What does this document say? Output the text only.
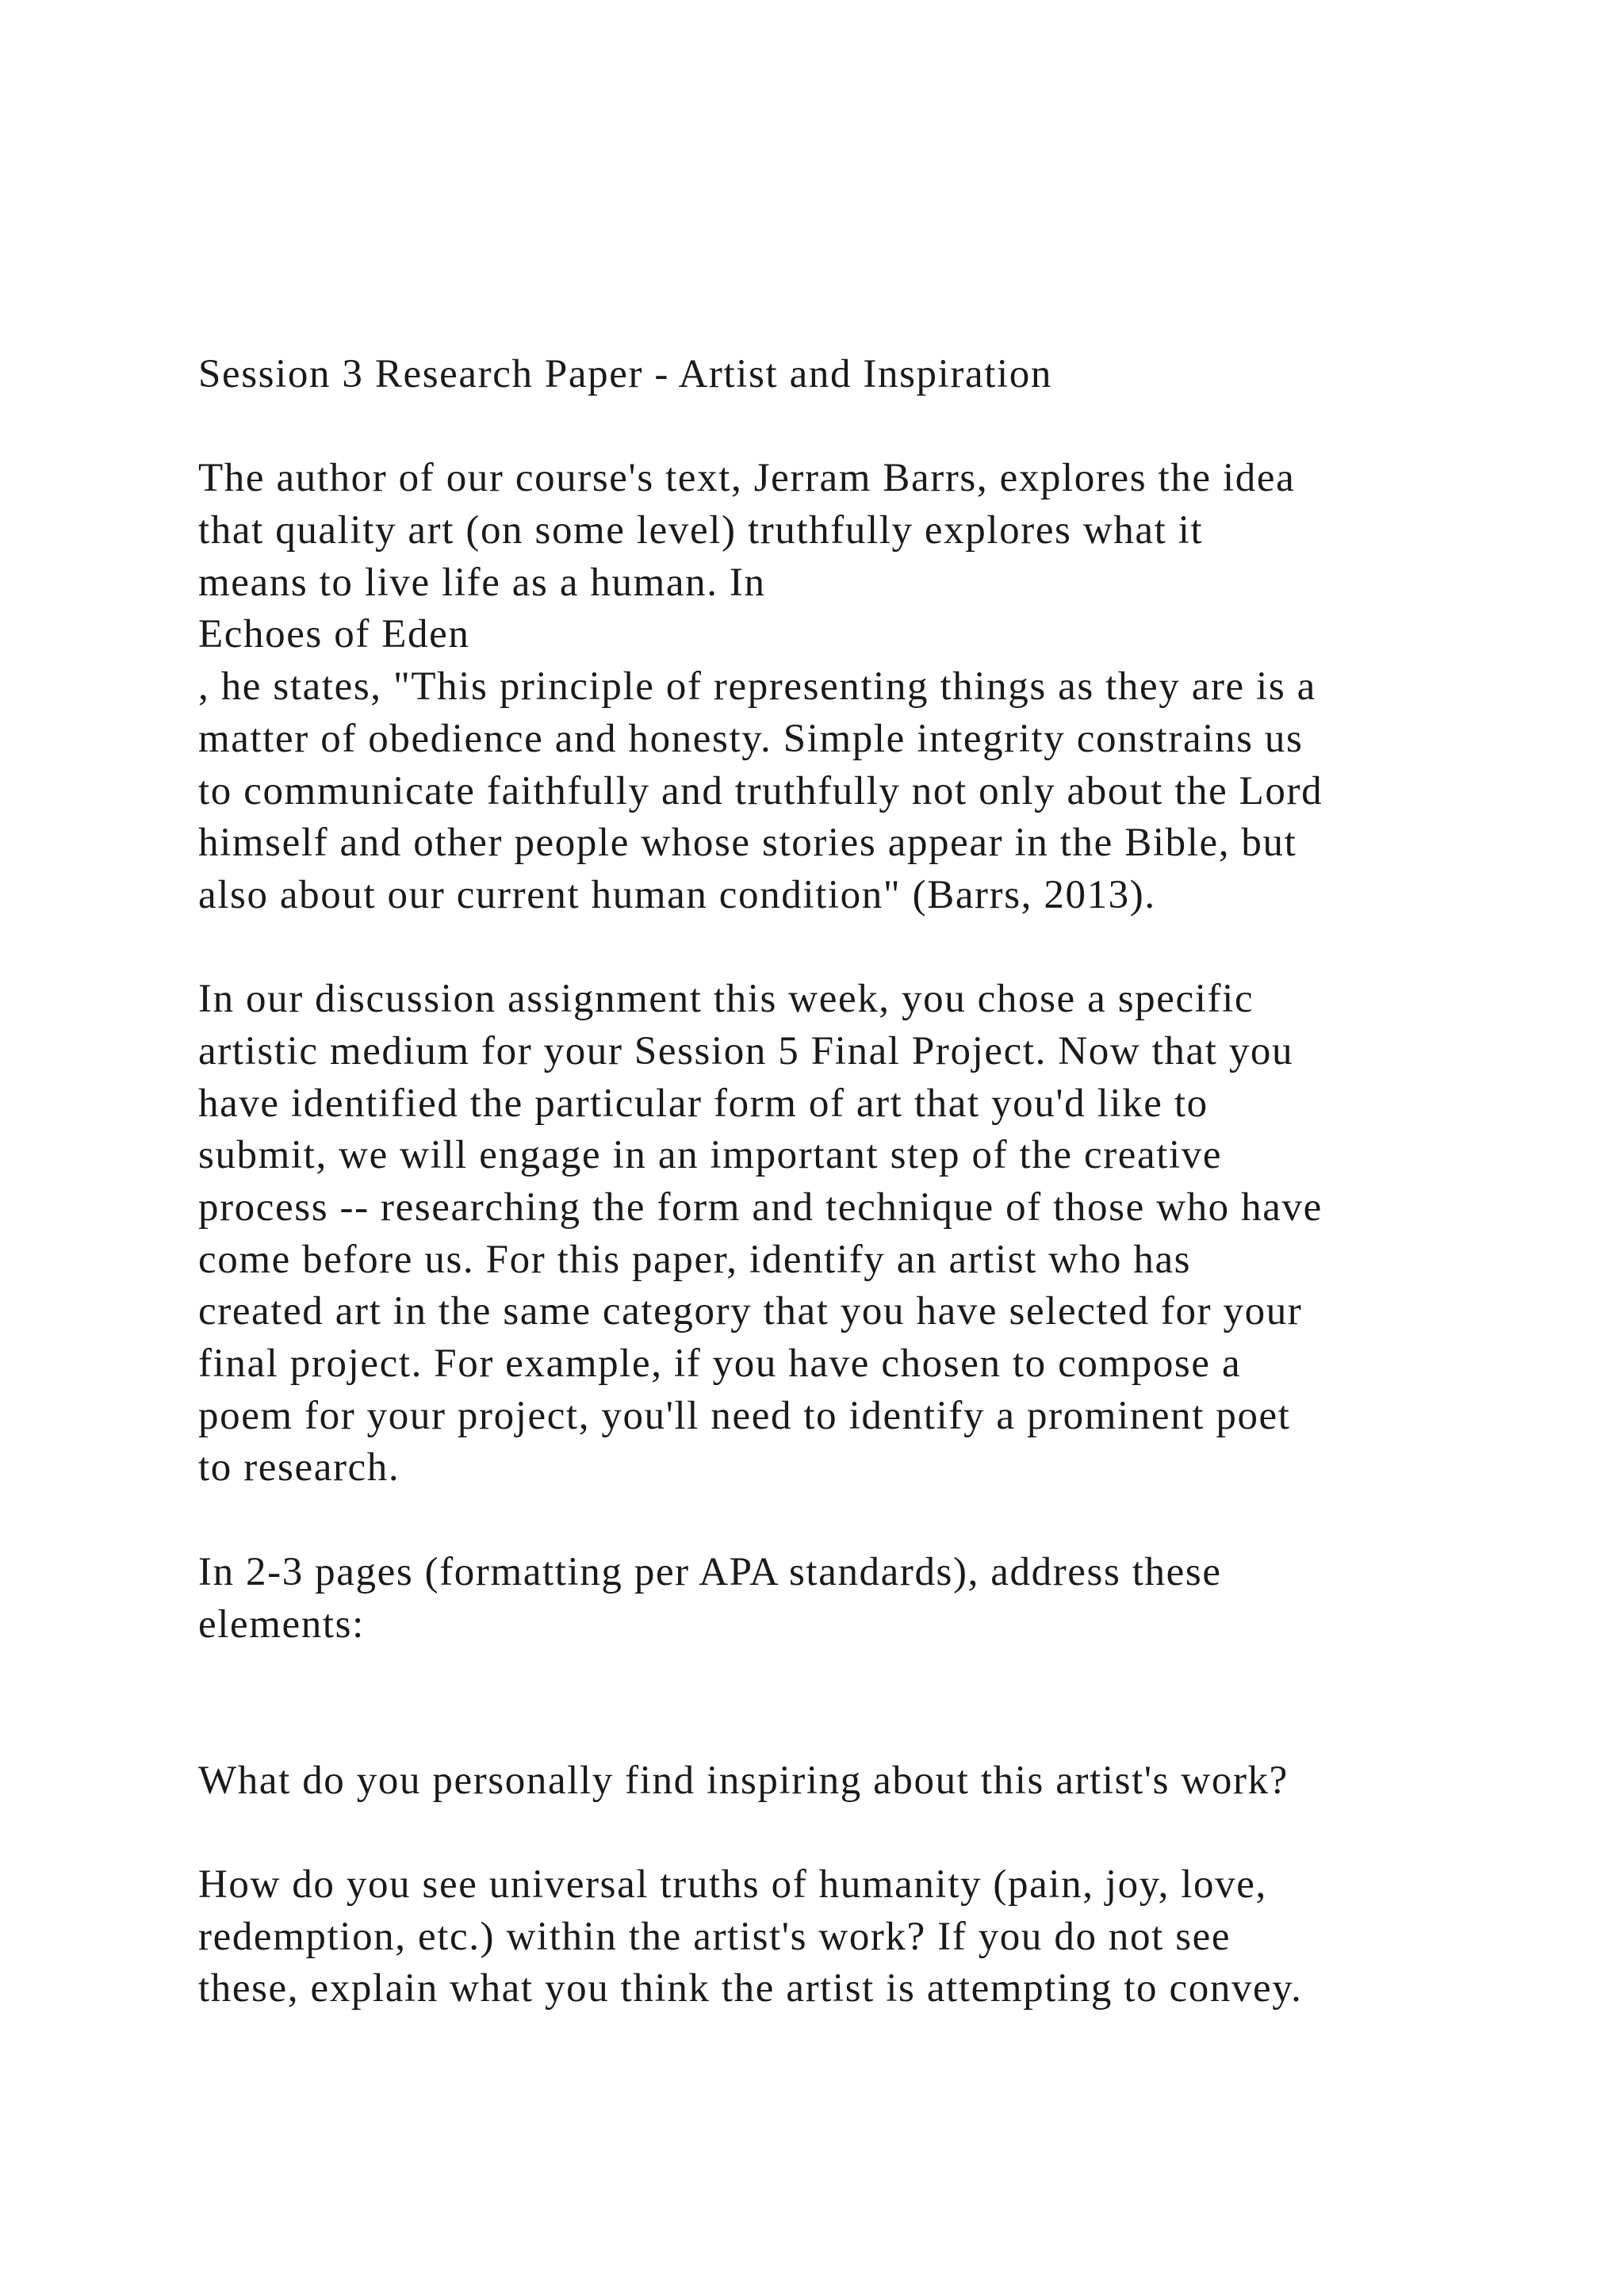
Session 3 Research Paper - Artist and Inspiration
The author of our course's text, Jerram Barrs, explores the idea
that quality art (on some level) truthfully explores what it
means to live life as a human. In
Echoes of Eden
, he states, "This principle of representing things as they are is a
matter of obedience and honesty. Simple integrity constrains us
to communicate faithfully and truthfully not only about the Lord
himself and other people whose stories appear in the Bible, but
also about our current human condition" (Barrs, 2013).
In our discussion assignment this week, you chose a specific
artistic medium for your Session 5 Final Project. Now that you
have identified the particular form of art that you'd like to
submit, we will engage in an important step of the creative
process -- researching the form and technique of those who have
come before us. For this paper, identify an artist who has
created art in the same category that you have selected for your
final project. For example, if you have chosen to compose a
poem for your project, you'll need to identify a prominent poet
to research.
In 2-3 pages (formatting per APA standards), address these
elements:
What do you personally find inspiring about this artist's work?
How do you see universal truths of humanity (pain, joy, love,
redemption, etc.) within the artist's work? If you do not see
these, explain what you think the artist is attempting to convey.
